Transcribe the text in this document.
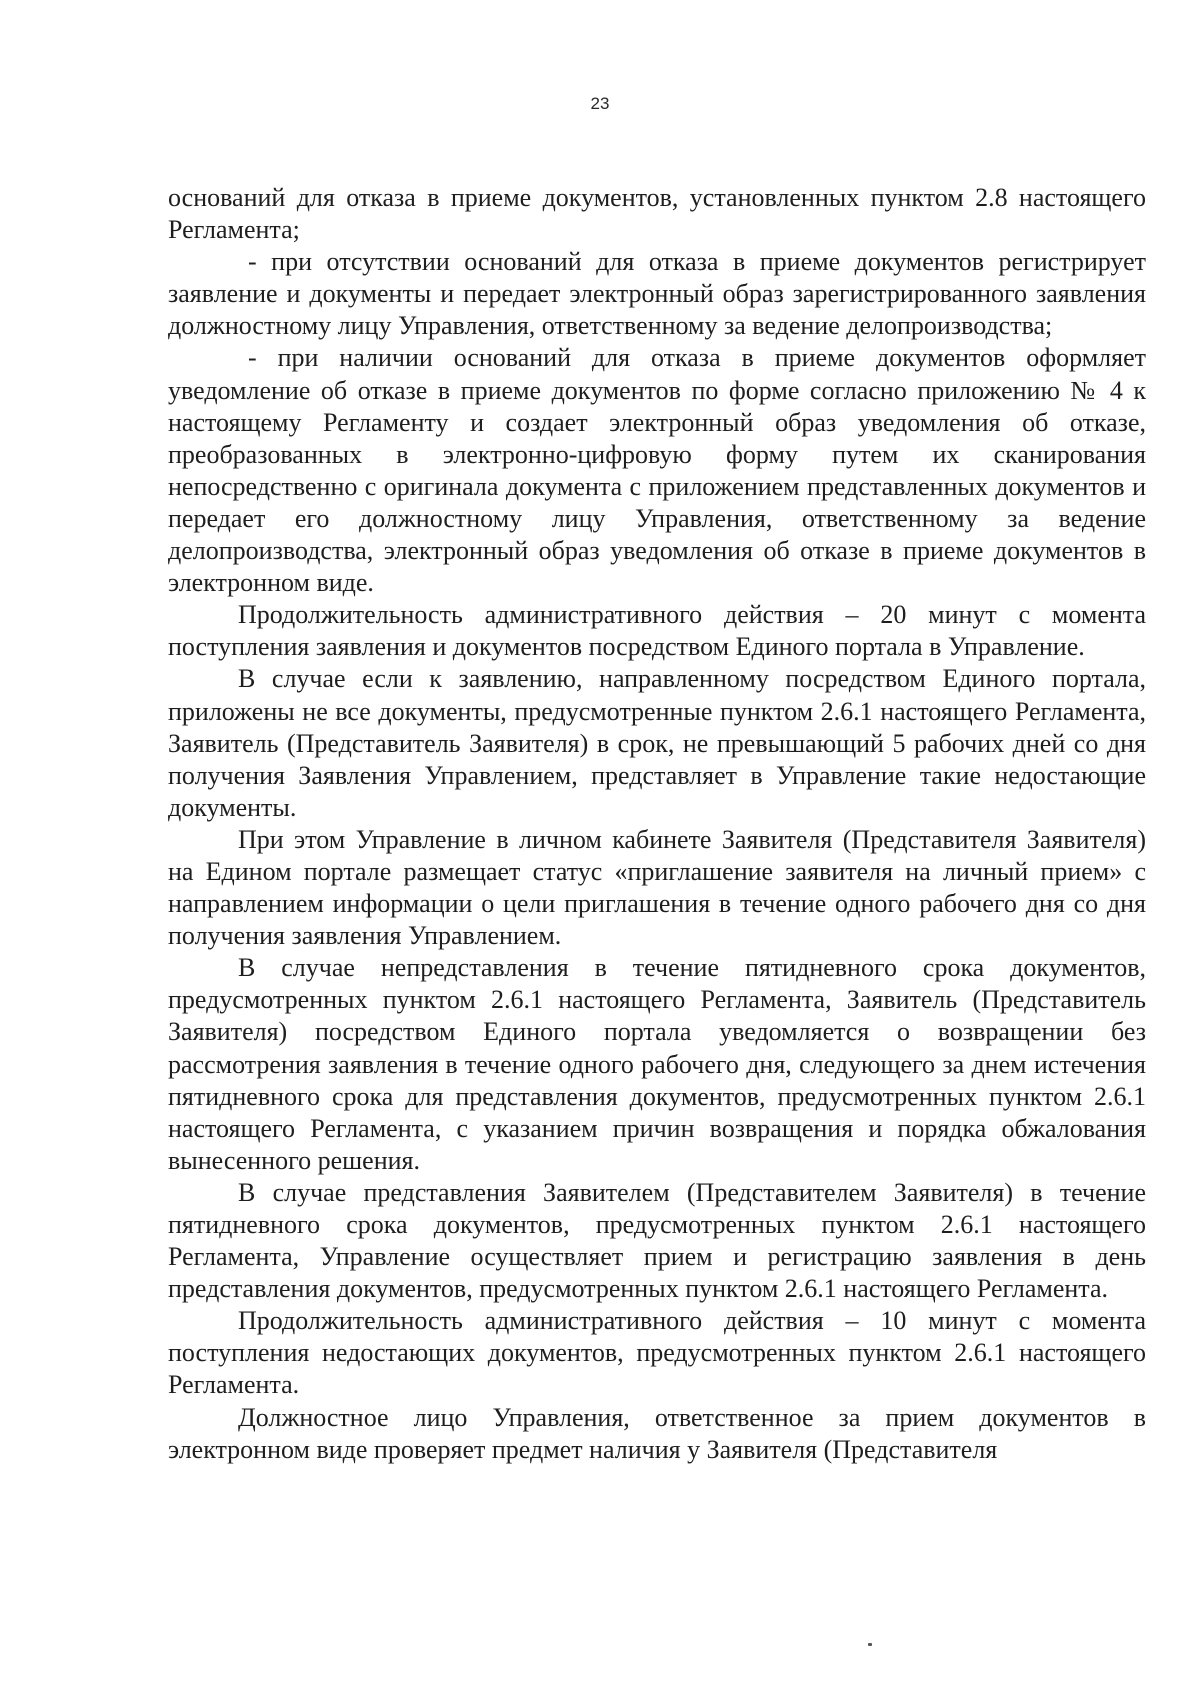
23

оснований для отказа в приеме документов, установленных пунктом 2.8 настоящего Регламента;

- при отсутствии оснований для отказа в приеме документов регистрирует заявление и документы и передает электронный образ зарегистрированного заявления должностному лицу Управления, ответственному за ведение делопроизводства;

- при наличии оснований для отказа в приеме документов оформляет уведомление об отказе в приеме документов по форме согласно приложению № 4 к настоящему Регламенту и создает электронный образ уведомления об отказе, преобразованных в электронно-цифровую форму путем их сканирования непосредственно с оригинала документа с приложением представленных документов и передает его должностному лицу Управления, ответственному за ведение делопроизводства, электронный образ уведомления об отказе в приеме документов в электронном виде.

Продолжительность административного действия – 20 минут с момента поступления заявления и документов посредством Единого портала в Управление.

В случае если к заявлению, направленному посредством Единого портала, приложены не все документы, предусмотренные пунктом 2.6.1 настоящего Регламента, Заявитель (Представитель Заявителя) в срок, не превышающий 5 рабочих дней со дня получения Заявления Управлением, представляет в Управление такие недостающие документы.

При этом Управление в личном кабинете Заявителя (Представителя Заявителя) на Едином портале размещает статус «приглашение заявителя на личный прием» с направлением информации о цели приглашения в течение одного рабочего дня со дня получения заявления Управлением.

В случае непредставления в течение пятидневного срока документов, предусмотренных пунктом 2.6.1 настоящего Регламента, Заявитель (Представитель Заявителя) посредством Единого портала уведомляется о возвращении без рассмотрения заявления в течение одного рабочего дня, следующего за днем истечения пятидневного срока для представления документов, предусмотренных пунктом 2.6.1 настоящего Регламента, с указанием причин возвращения и порядка обжалования вынесенного решения.

В случае представления Заявителем (Представителем Заявителя) в течение пятидневного срока документов, предусмотренных пунктом 2.6.1 настоящего Регламента, Управление осуществляет прием и регистрацию заявления в день представления документов, предусмотренных пунктом 2.6.1 настоящего Регламента.

Продолжительность административного действия – 10 минут с момента поступления недостающих документов, предусмотренных пунктом 2.6.1 настоящего Регламента.

Должностное лицо Управления, ответственное за прием документов в электронном виде проверяет предмет наличия у Заявителя (Представителя
